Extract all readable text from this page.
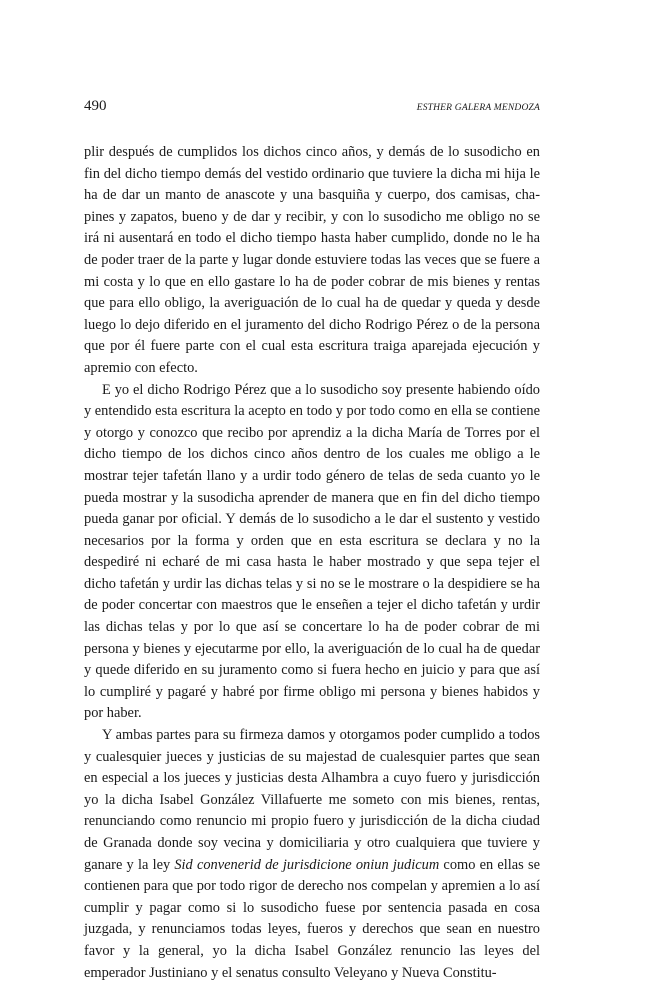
490	ESTHER GALERA MENDOZA

plir después de cumplidos los dichos cinco años, y demás de lo susodicho en fin del dicho tiempo demás del vestido ordinario que tuviere la dicha mi hija le ha de dar un manto de anascote y una basquiña y cuerpo, dos camisas, chapines y zapatos, bueno y de dar y recibir, y con lo susodicho me obligo no se irá ni ausentará en todo el dicho tiempo hasta haber cumplido, donde no le ha de poder traer de la parte y lugar donde estuviere todas las veces que se fuere a mi costa y lo que en ello gastare lo ha de poder cobrar de mis bienes y rentas que para ello obligo, la averiguación de lo cual ha de quedar y queda y desde luego lo dejo diferido en el juramento del dicho Rodrigo Pérez o de la persona que por él fuere parte con el cual esta escritura traiga aparejada ejecución y apremio con efecto.

E yo el dicho Rodrigo Pérez que a lo susodicho soy presente habiendo oído y entendido esta escritura la acepto en todo y por todo como en ella se contiene y otorgo y conozco que recibo por aprendiz a la dicha María de Torres por el dicho tiempo de los dichos cinco años dentro de los cuales me obligo a le mostrar tejer tafetán llano y a urdir todo género de telas de seda cuanto yo le pueda mostrar y la susodicha aprender de manera que en fin del dicho tiempo pueda ganar por oficial. Y demás de lo susodicho a le dar el sustento y vestido necesarios por la forma y orden que en esta escritura se declara y no la despediré ni echaré de mi casa hasta le haber mostrado y que sepa tejer el dicho tafetán y urdir las dichas telas y si no se le mostrare o la despidiere se ha de poder concertar con maestros que le enseñen a tejer el dicho tafetán y urdir las dichas telas y por lo que así se concertare lo ha de poder cobrar de mi persona y bienes y ejecutarme por ello, la averiguación de lo cual ha de quedar y quede diferido en su juramento como si fuera hecho en juicio y para que así lo cumpliré y pagaré y habré por firme obligo mi persona y bienes habidos y por haber.

Y ambas partes para su firmeza damos y otorgamos poder cumplido a todos y cualesquier jueces y justicias de su majestad de cualesquier partes que sean en especial a los jueces y justicias desta Alhambra a cuyo fuero y jurisdicción yo la dicha Isabel González Villafuerte me someto con mis bienes, rentas, renunciando como renuncio mi propio fuero y jurisdicción de la dicha ciudad de Granada donde soy vecina y domiciliaria y otro cualquiera que tuviere y ganare y la ley Sid convenerid de jurisdicione oniun judicum como en ellas se contienen para que por todo rigor de derecho nos compelan y apremien a lo así cumplir y pagar como si lo susodicho fuese por sentencia pasada en cosa juzgada, y renunciamos todas leyes, fueros y derechos que sean en nuestro favor y la general, yo la dicha Isabel González renuncio las leyes del emperador Justiniano y el senatus consulto Veleyano y Nueva Constitu-
